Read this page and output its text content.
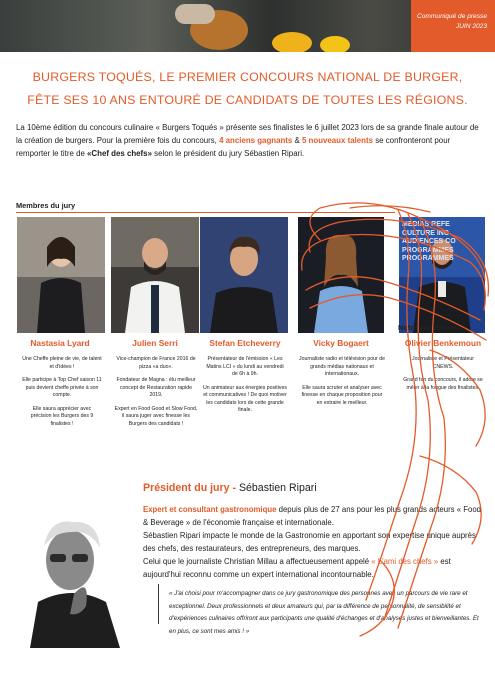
Communiqué de presse
JUIN 2023
BURGERS TOQUÉS, LE PREMIER CONCOURS NATIONAL DE BURGER,
FÊTE SES 10 ANS ENTOURÉ DE CANDIDATS DE TOUTES LES RÉGIONS.
La 10ème édition du concours culinaire « Burgers Toqués » présente ses finalistes le 6 juillet 2023 lors de sa grande finale autour de la création de burgers. Pour la première fois du concours, 4 anciens gagnants & 5 nouveaux talents se confronteront pour remporter le titre de «Chef des chefs» selon le président du jury Sébastien Ripari.
Membres du jury
MEDIAS REFE CULTURE INC AUDIENCES CO PROGRAMMES PROGRAMMES
Notre présentateur :
Nastasia Lyard	Julien Serri	Stefan Etcheverry	Vicky Bogaert	Olivier Benkemoun

Une Cheffe pleine de vie, de talent et d'idées !

Elle participe à Top Chef saison 11 puis devient cheffe privée à son compte.

Elle saura apprécier avec précision les Burgers des 9 finalistes !

Vice-champion de France 2016 de pizza «a duo».

Fondateur de Magna : élu meilleur concept de Restauration rapide 2019.

Expert en Food Good et Slow Food, il saura juger avec finesse les Burgers des candidats !

Présentateur de l'émission « Les Matins LCI » du lundi au vendredi de 6h à 9h.

Un animateur aux énergies positives et communicatives ! De quoi motiver les candidats lors de cette grande finale.

Journaliste radio et télévision pour de grands médias nationaux et internationaux.

Elle saura scruter et analyser avec finesse en chaque proposition pour en extraire le meilleur.

Journaliste et Présentateur CNEWS.

Grand fan du concours, il adore se mêler à la fougue des finalistes.

Président du jury - Sébastien Ripari
Expert et consultant gastronomique depuis plus de 27 ans pour les plus grands acteurs « Food & Beverage » de l'économie française et internationale.
Sébastien Ripari impacte le monde de la Gastronomie en apportant son expertise unique auprès des chefs, des restaurateurs, des entrepreneurs, des marques.
Celui que le journaliste Christian Millau a affectueusement appelé « L'ami des chefs » est aujourd'hui reconnu comme un expert international incontournable.
« J'ai choisi pour m'accompagner dans ce jury gastronomique des personnes avec un parcours de vie rare et exceptionnel. Deux professionnels et deux amateurs qui, par la différence de personnalité, de sensibilité et d'expériences culinaires offriront aux participants une qualité d'échanges et d'analyses justes et bienveillantes. Et en plus, ce sont mes amis ! »
